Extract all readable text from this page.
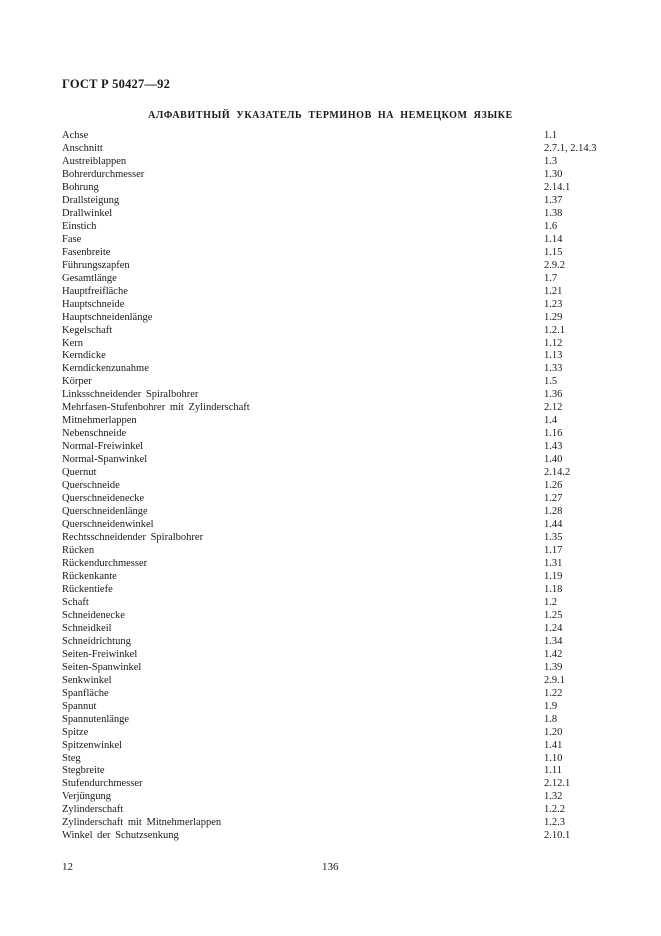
ГОСТ Р 50427—92
АЛФАВИТНЫЙ УКАЗАТЕЛЬ ТЕРМИНОВ НА НЕМЕЦКОМ ЯЗЫКЕ
Achse	1.1
Anschnitt	2.7.1, 2.14.3
Austreiblappen	1.3
Bohrerdurchmesser	1.30
Bohrung	2.14.1
Drallsteigung	1.37
Drallwinkel	1.38
Einstich	1.6
Fase	1.14
Fasenbreite	1.15
Führungszapfen	2.9.2
Gesamtlänge	1.7
Hauptfreifläche	1.21
Hauptschneide	1.23
Hauptschneidenlänge	1.29
Kegelschaft	1.2.1
Kern	1.12
Kerndicke	1.13
Kerndickenzunahme	1.33
Körper	1.5
Linksschneidender Spiralbohrer	1.36
Mehrfasen-Stufenbohrer mit Zylinderschaft	2.12
Mitnehmerlappen	1.4
Nebenschneide	1.16
Normal-Freiwinkel	1.43
Normal-Spanwinkel	1.40
Quernut	2.14.2
Querschneide	1.26
Querschneidenecke	1.27
Querschneidenlänge	1.28
Querschneidenwinkel	1.44
Rechtsschneidender Spiralbohrer	1.35
Rücken	1.17
Rückendurchmesser	1.31
Rückenkante	1.19
Rückentiefe	1.18
Schaft	1.2
Schneidenecke	1.25
Schneidkeil	1.24
Schneidrichtung	1.34
Seiten-Freiwinkel	1.42
Seiten-Spanwinkel	1.39
Senkwinkel	2.9.1
Spanfläche	1.22
Spannut	1.9
Spannutenlänge	1.8
Spitze	1.20
Spitzenwinkel	1.41
Steg	1.10
Stegbreite	1.11
Stufendurchmesser	2.12.1
Verjüngung	1.32
Zylinderschaft	1.2.2
Zylinderschaft mit Mitnehmerlappen	1.2.3
Winkel der Schutzsenkung	2.10.1
12	136
